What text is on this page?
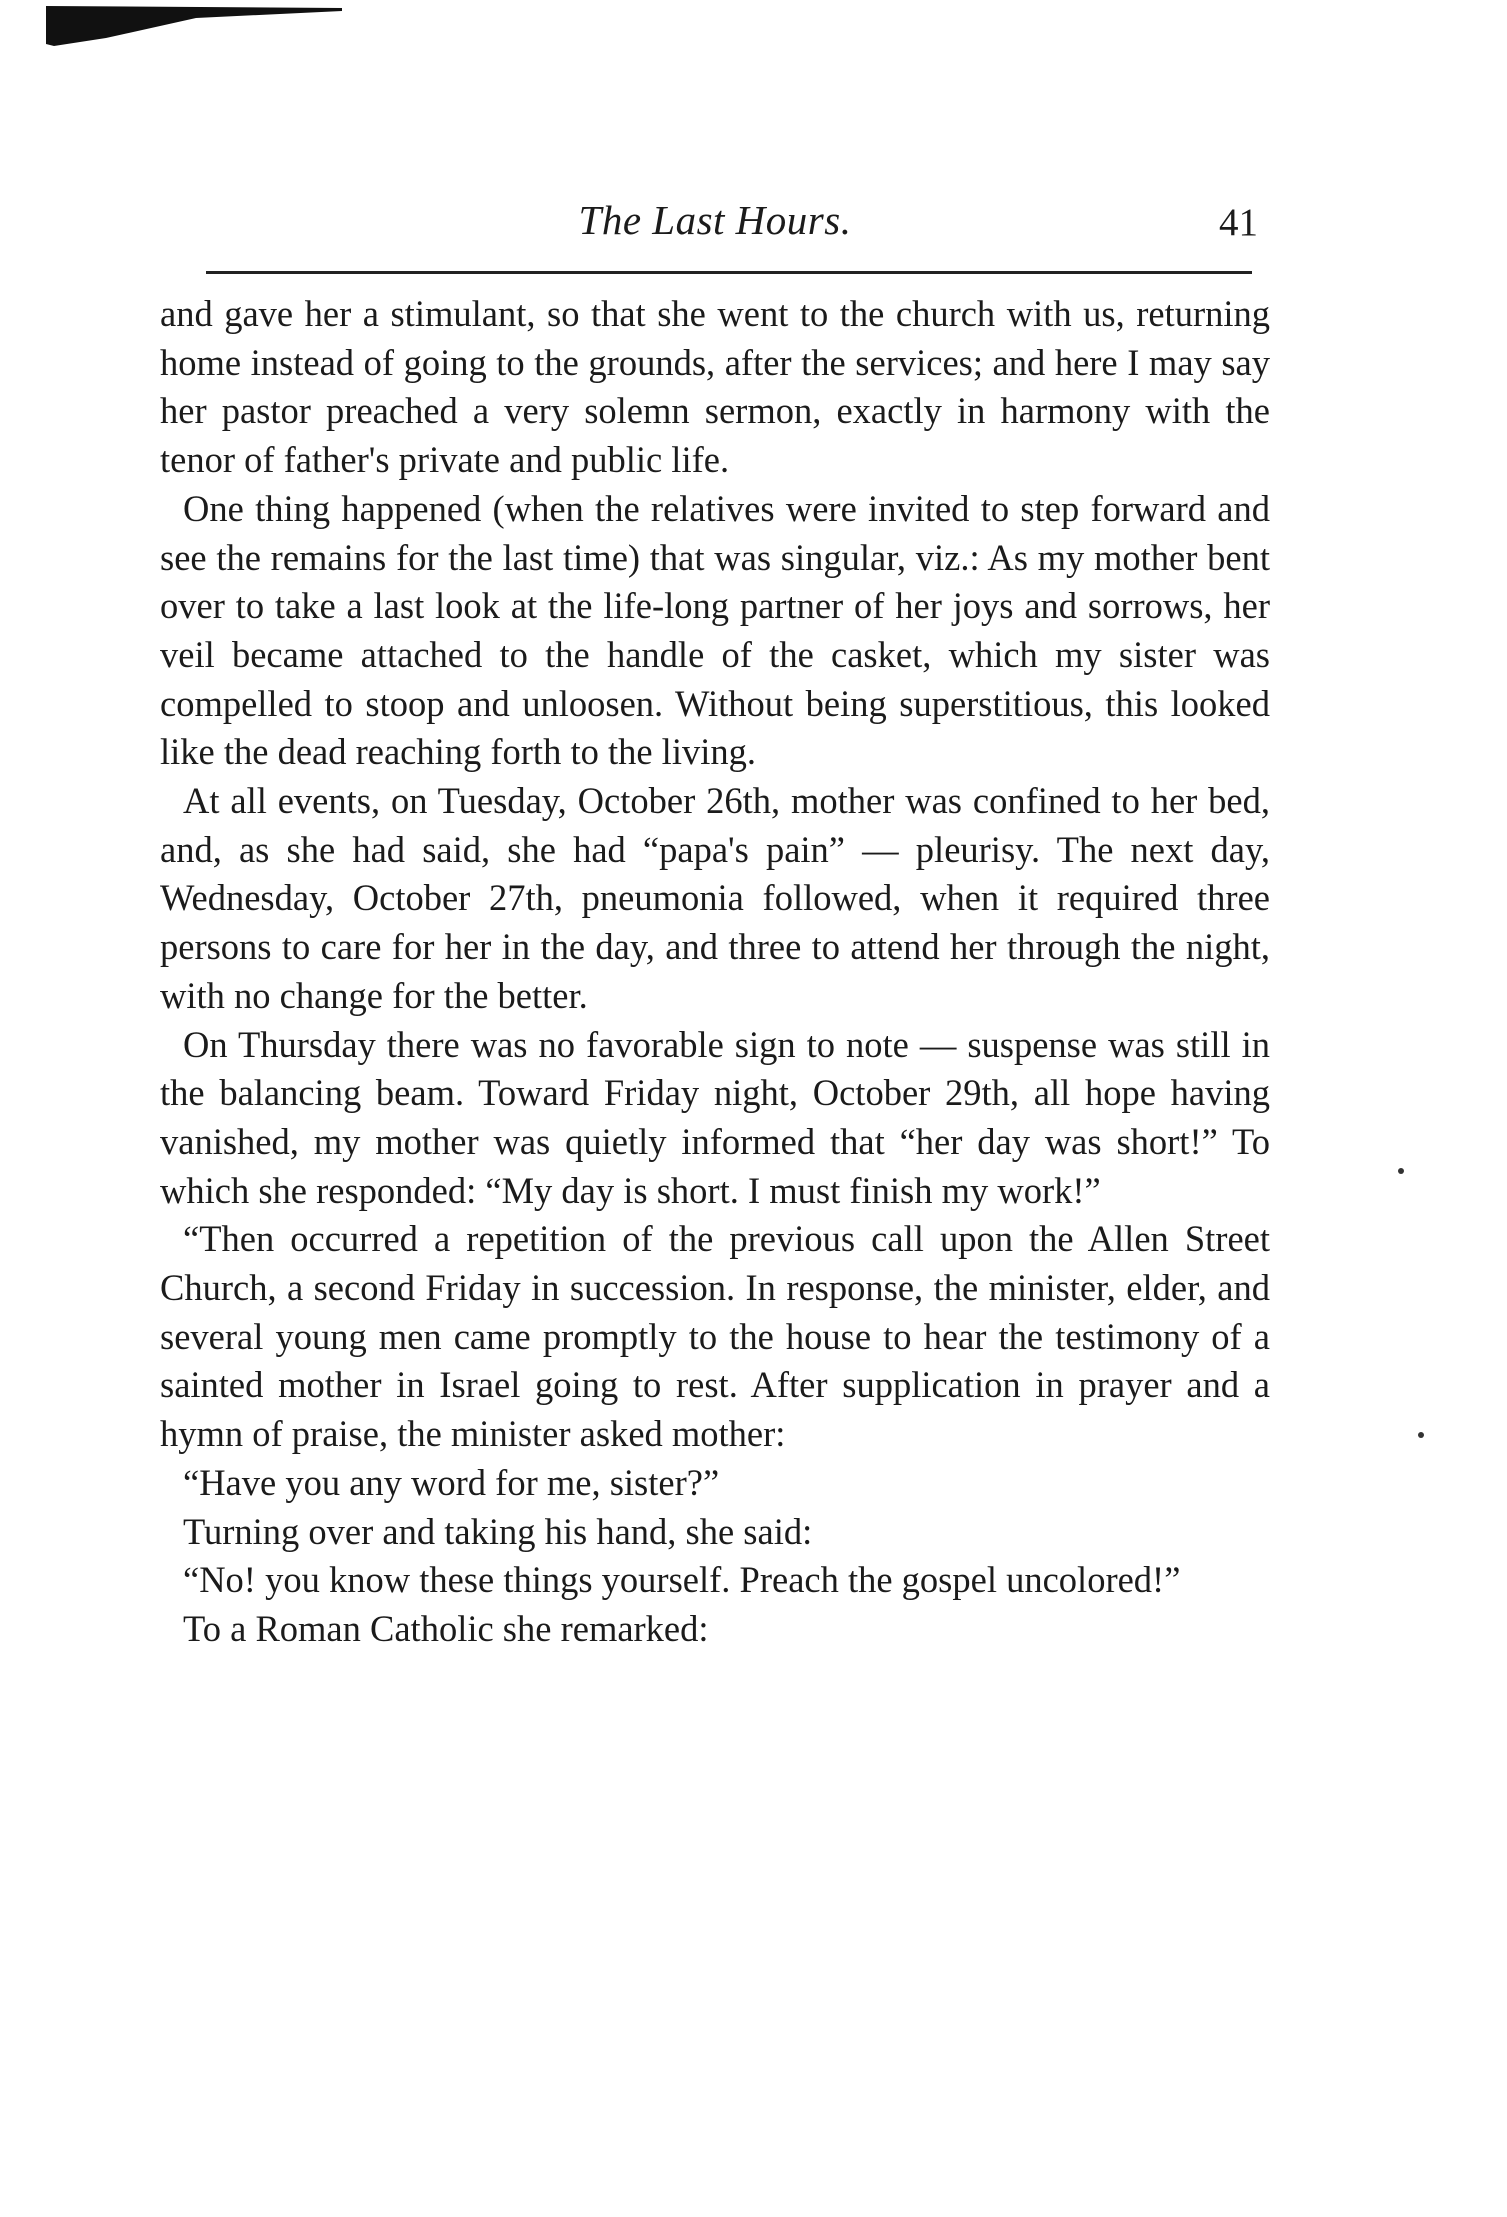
The Last Hours.	41

and gave her a stimulant, so that she went to the church with us, returning home instead of going to the grounds, after the services; and here I may say her pastor preached a very solemn sermon, exactly in harmony with the tenor of father's private and public life.

One thing happened (when the relatives were invited to step forward and see the remains for the last time) that was singular, viz.: As my mother bent over to take a last look at the life-long partner of her joys and sorrows, her veil became attached to the handle of the casket, which my sister was compelled to stoop and unloosen. Without being superstitious, this looked like the dead reaching forth to the living.

At all events, on Tuesday, October 26th, mother was confined to her bed, and, as she had said, she had “papa's pain” — pleurisy. The next day, Wednesday, October 27th, pneumonia followed, when it required three persons to care for her in the day, and three to attend her through the night, with no change for the better.

On Thursday there was no favorable sign to note — suspense was still in the balancing beam. Toward Friday night, October 29th, all hope having vanished, my mother was quietly informed that “her day was short!” To which she responded: “My day is short. I must finish my work!”

“Then occurred a repetition of the previous call upon the Allen Street Church, a second Friday in succession. In response, the minister, elder, and several young men came promptly to the house to hear the testimony of a sainted mother in Israel going to rest. After supplication in prayer and a hymn of praise, the minister asked mother:

“Have you any word for me, sister?”

Turning over and taking his hand, she said:

“No! you know these things yourself. Preach the gospel uncolored!”

To a Roman Catholic she remarked:
